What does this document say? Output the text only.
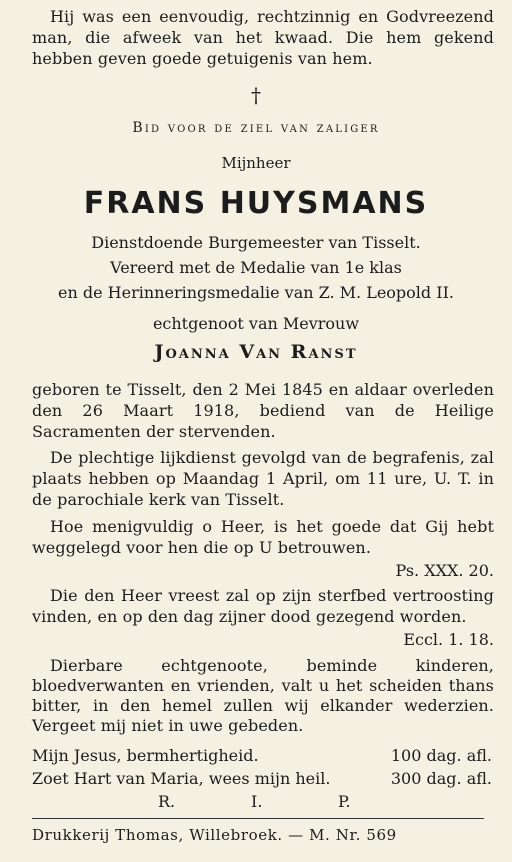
Hij was een eenvoudig, rechtzinnig en Godvreezend man, die afweek van het kwaad. Die hem gekend hebben geven goede getuigenis van hem.
†
Bid voor de ziel van zaliger
Mijnheer
FRANS HUYSMANS
Dienstdoende Burgemeester van Tisselt.
Vereerd met de Medalie van 1e klas
en de Herinneringsmedalie van Z. M. Leopold II.
echtgenoot van Mevrouw
Joanna Van Ranst
geboren te Tisselt, den 2 Mei 1845 en aldaar overleden den 26 Maart 1918, bediend van de Heilige Sacramenten der stervenden.
De plechtige lijkdienst gevolgd van de begrafenis, zal plaats hebben op Maandag 1 April, om 11 ure, U. T. in de parochiale kerk van Tisselt.
Hoe menigvuldig o Heer, is het goede dat Gij hebt weggelegd voor hen die op U betrouwen.
Ps. XXX. 20.
Die den Heer vreest zal op zijn sterfbed vertroosting vinden, en op den dag zijner dood gezegend worden.
Eccl. 1. 18.
Dierbare echtgenoote, beminde kinderen, bloedverwanten en vrienden, valt u het scheiden thans bitter, in den hemel zullen wij elkander wederzien. Vergeet mij niet in uwe gebeden.
Mijn Jesus, bermhertigheid.	100 dag. afl.
Zoet Hart van Maria, wees mijn heil.	300 dag. afl.
R.	I.	P.
Drukkerij Thomas, Willebroek. — M. Nr. 569
